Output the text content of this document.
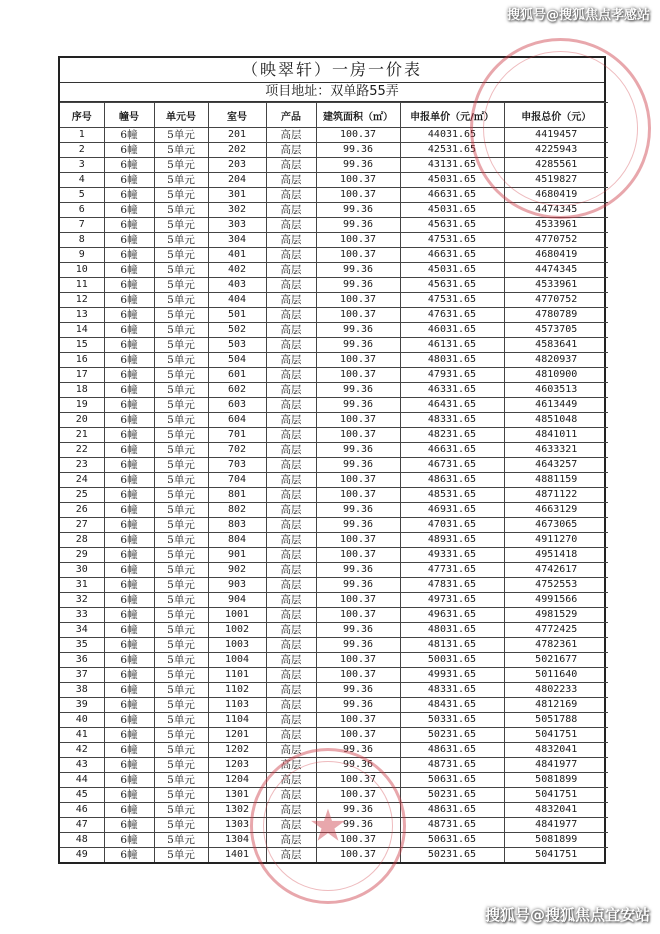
搜狐号@搜狐焦点孝感站
（映翠轩）一房一价表
项目地址：双单路55弄
序号	幢号	单元号	室号	产品	建筑面积（㎡）	申报单价（元/㎡）	申报总价（元）
1	6幢	5单元	201	高层	100.37	44031.65	4419457
2	6幢	5单元	202	高层	99.36	42531.65	4225943
3	6幢	5单元	203	高层	99.36	43131.65	4285561
4	6幢	5单元	204	高层	100.37	45031.65	4519827
5	6幢	5单元	301	高层	100.37	46631.65	4680419
6	6幢	5单元	302	高层	99.36	45031.65	4474345
7	6幢	5单元	303	高层	99.36	45631.65	4533961
8	6幢	5单元	304	高层	100.37	47531.65	4770752
9	6幢	5单元	401	高层	100.37	46631.65	4680419
10	6幢	5单元	402	高层	99.36	45031.65	4474345
11	6幢	5单元	403	高层	99.36	45631.65	4533961
12	6幢	5单元	404	高层	100.37	47531.65	4770752
13	6幢	5单元	501	高层	100.37	47631.65	4780789
14	6幢	5单元	502	高层	99.36	46031.65	4573705
15	6幢	5单元	503	高层	99.36	46131.65	4583641
16	6幢	5单元	504	高层	100.37	48031.65	4820937
17	6幢	5单元	601	高层	100.37	47931.65	4810900
18	6幢	5单元	602	高层	99.36	46331.65	4603513
19	6幢	5单元	603	高层	99.36	46431.65	4613449
20	6幢	5单元	604	高层	100.37	48331.65	4851048
21	6幢	5单元	701	高层	100.37	48231.65	4841011
22	6幢	5单元	702	高层	99.36	46631.65	4633321
23	6幢	5单元	703	高层	99.36	46731.65	4643257
24	6幢	5单元	704	高层	100.37	48631.65	4881159
25	6幢	5单元	801	高层	100.37	48531.65	4871122
26	6幢	5单元	802	高层	99.36	46931.65	4663129
27	6幢	5单元	803	高层	99.36	47031.65	4673065
28	6幢	5单元	804	高层	100.37	48931.65	4911270
29	6幢	5单元	901	高层	100.37	49331.65	4951418
30	6幢	5单元	902	高层	99.36	47731.65	4742617
31	6幢	5单元	903	高层	99.36	47831.65	4752553
32	6幢	5单元	904	高层	100.37	49731.65	4991566
33	6幢	5单元	1001	高层	100.37	49631.65	4981529
34	6幢	5单元	1002	高层	99.36	48031.65	4772425
35	6幢	5单元	1003	高层	99.36	48131.65	4782361
36	6幢	5单元	1004	高层	100.37	50031.65	5021677
37	6幢	5单元	1101	高层	100.37	49931.65	5011640
38	6幢	5单元	1102	高层	99.36	48331.65	4802233
39	6幢	5单元	1103	高层	99.36	48431.65	4812169
40	6幢	5单元	1104	高层	100.37	50331.65	5051788
41	6幢	5单元	1201	高层	100.37	50231.65	5041751
42	6幢	5单元	1202	高层	99.36	48631.65	4832041
43	6幢	5单元	1203	高层	99.36	48731.65	4841977
44	6幢	5单元	1204	高层	100.37	50631.65	5081899
45	6幢	5单元	1301	高层	100.37	50231.65	5041751
46	6幢	5单元	1302	高层	99.36	48631.65	4832041
47	6幢	5单元	1303	高层	99.36	48731.65	4841977
48	6幢	5单元	1304	高层	100.37	50631.65	5081899
49	6幢	5单元	1401	高层	100.37	50231.65	5041751
★
搜狐号@搜狐焦点宜安站
